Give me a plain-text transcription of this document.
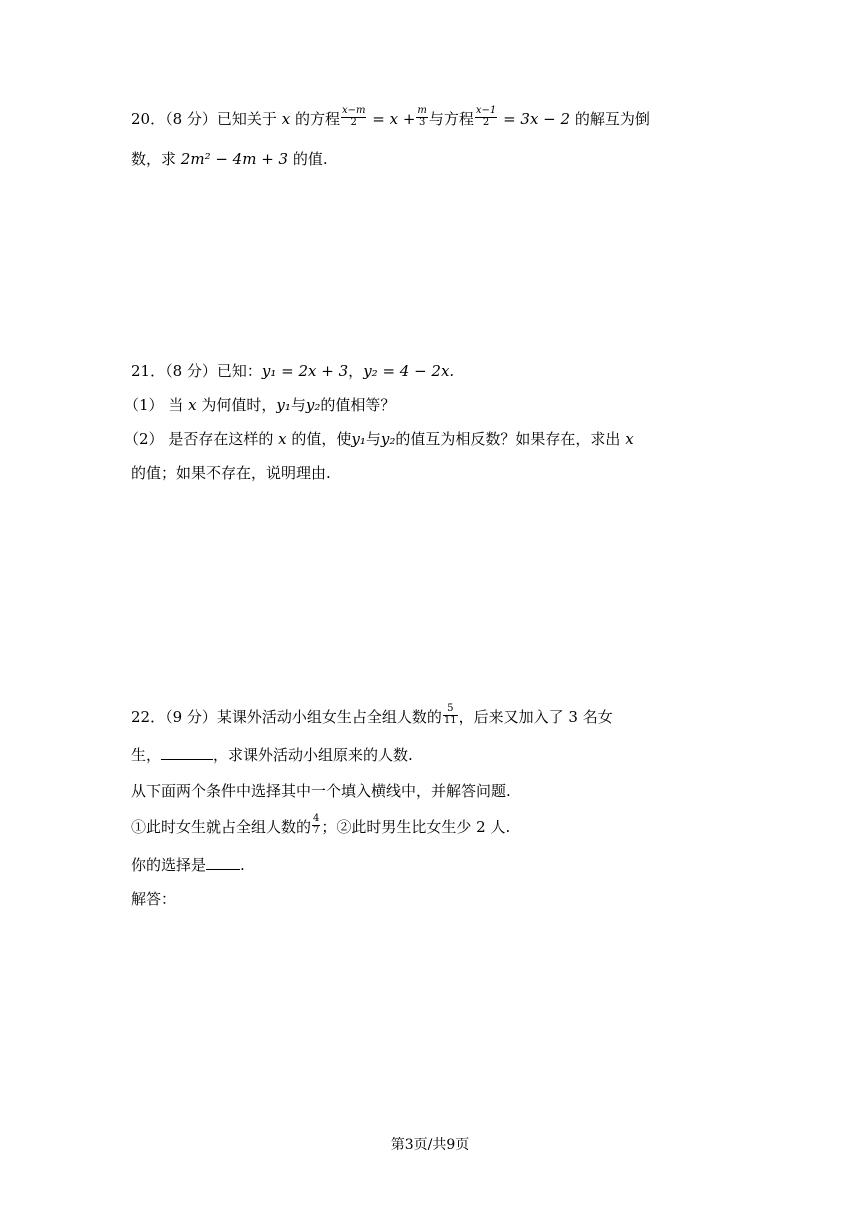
20．（8 分）已知关于 x 的方程 $\frac{x-m}{2} = x + \frac{m}{3}$ 与方程 $\frac{x-1}{2} = 3x - 2$ 的解互为倒
数，求 2m² − 4m + 3 的值.
21．（8 分）已知：y₁ = 2x + 3，y₂ = 4 − 2x.
（1） 当 x 为何值时，y₁与y₂的值相等？
（2） 是否存在这样的 x 的值，使y₁与y₂的值互为相反数？如果存在，求出 x
的值；如果不存在，说明理由.
22．（9 分）某课外活动小组女生占全组人数的 $\frac{5}{11}$ ，后来又加入了 3 名女
生，	，求课外活动小组原来的人数.
从下面两个条件中选择其中一个填入横线中，并解答问题.
①此时女生就占全组人数的 $\frac{4}{7}$ ；②此时男生比女生少 2 人.
你的选择是 .
解答：
第3页/共9页
